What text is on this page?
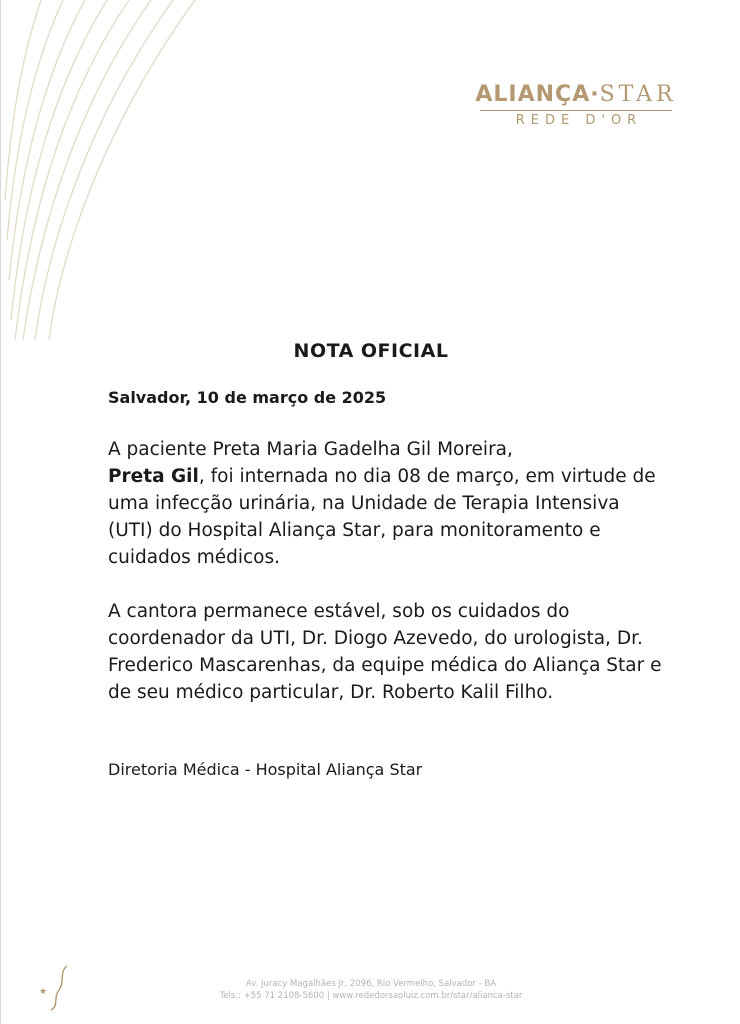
ALIANÇA·STAR
REDE D'OR
NOTA OFICIAL
Salvador, 10 de março de 2025

A paciente Preta Maria Gadelha Gil Moreira,
Preta Gil, foi internada no dia 08 de março, em virtude de uma infecção urinária, na Unidade de Terapia Intensiva (UTI) do Hospital Aliança Star, para monitoramento e cuidados médicos.

A cantora permanece estável, sob os cuidados do coordenador da UTI, Dr. Diogo Azevedo, do urologista, Dr. Frederico Mascarenhas, da equipe médica do Aliança Star e de seu médico particular, Dr. Roberto Kalil Filho.

Diretoria Médica - Hospital Aliança Star
★
Av. Juracy Magalhães Jr, 2096, Rio Vermelho, Salvador - BA
Tels.: +55 71 2108-5600 | www.rededorsaoluiz.com.br/star/alianca-star
